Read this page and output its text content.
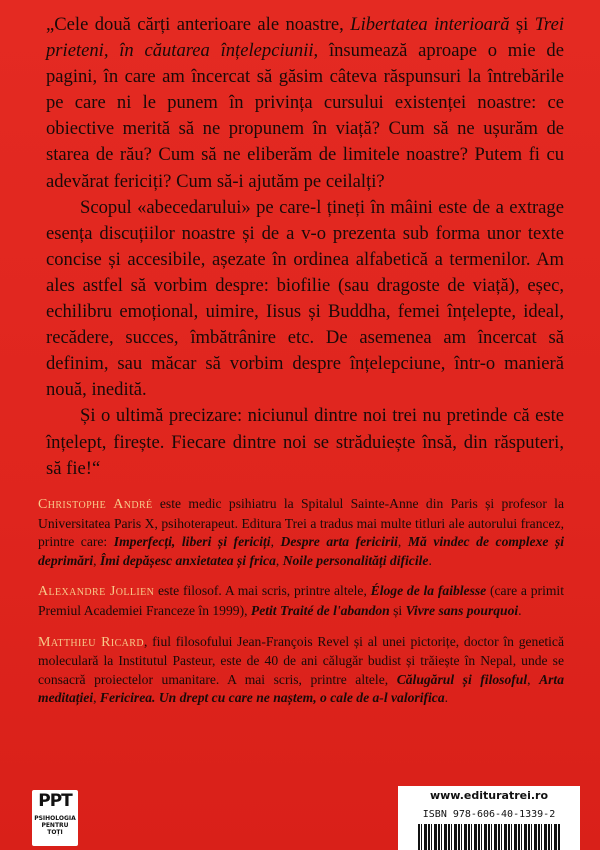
„Cele două cărți anterioare ale noastre, Libertatea interioară și Trei prieteni, în căutarea înțelepciunii, însumează aproape o mie de pagini, în care am încercat să găsim câteva răspunsuri la întrebările pe care ni le punem în privința cursului existenței noastre: ce obiective merită să ne propunem în viață? Cum să ne ușurăm de starea de rău? Cum să ne eliberăm de limitele noastre? Putem fi cu adevărat fericiți? Cum să-i ajutăm pe ceilalți?

Scopul «abecedarului» pe care-l țineți în mâini este de a extrage esența discuțiilor noastre și de a v-o prezenta sub forma unor texte concise și accesibile, așezate în ordinea alfabetică a termenilor. Am ales astfel să vorbim despre: biofilie (sau dragoste de viață), eșec, echilibru emoțional, uimire, Iisus și Buddha, femei înțelepte, ideal, recădere, succes, îmbătrânire etc. De asemenea am încercat să definim, sau măcar să vorbim despre înțelepciune, într-o manieră nouă, inedită.

Și o ultimă precizare: niciunul dintre noi trei nu pretinde că este înțelept, firește. Fiecare dintre noi se străduiește însă, din răsputeri, să fie!“

Christophe André este medic psihiatru la Spitalul Sainte-Anne din Paris și profesor la Universitatea Paris X, psihoterapeut. Editura Trei a tradus mai multe titluri ale autorului francez, printre care: Imperfecți, liberi și fericiți, Despre arta fericirii, Mă vindec de complexe și deprimări, Îmi depășesc anxietatea și frica, Noile personalități dificile.

Alexandre Jollien este filosof. A mai scris, printre altele, Éloge de la faiblesse (care a primit Premiul Academiei Franceze în 1999), Petit Traité de l'abandon și Vivre sans pourquoi.

Matthieu Ricard, fiul filosofului Jean-François Revel și al unei pictorițe, doctor în genetică moleculară la Institutul Pasteur, este de 40 de ani călugăr budist și trăiește în Nepal, unde se consacră proiectelor umanitare. A mai scris, printre altele, Călugărul și filosoful, Arta meditației, Fericirea. Un drept cu care ne naștem, o cale de a-l valorifica.

PPT
PSIHOLOGIA
PENTRU
TOȚI
www.edituratrei.ro
ISBN 978-606-40-1339-2
